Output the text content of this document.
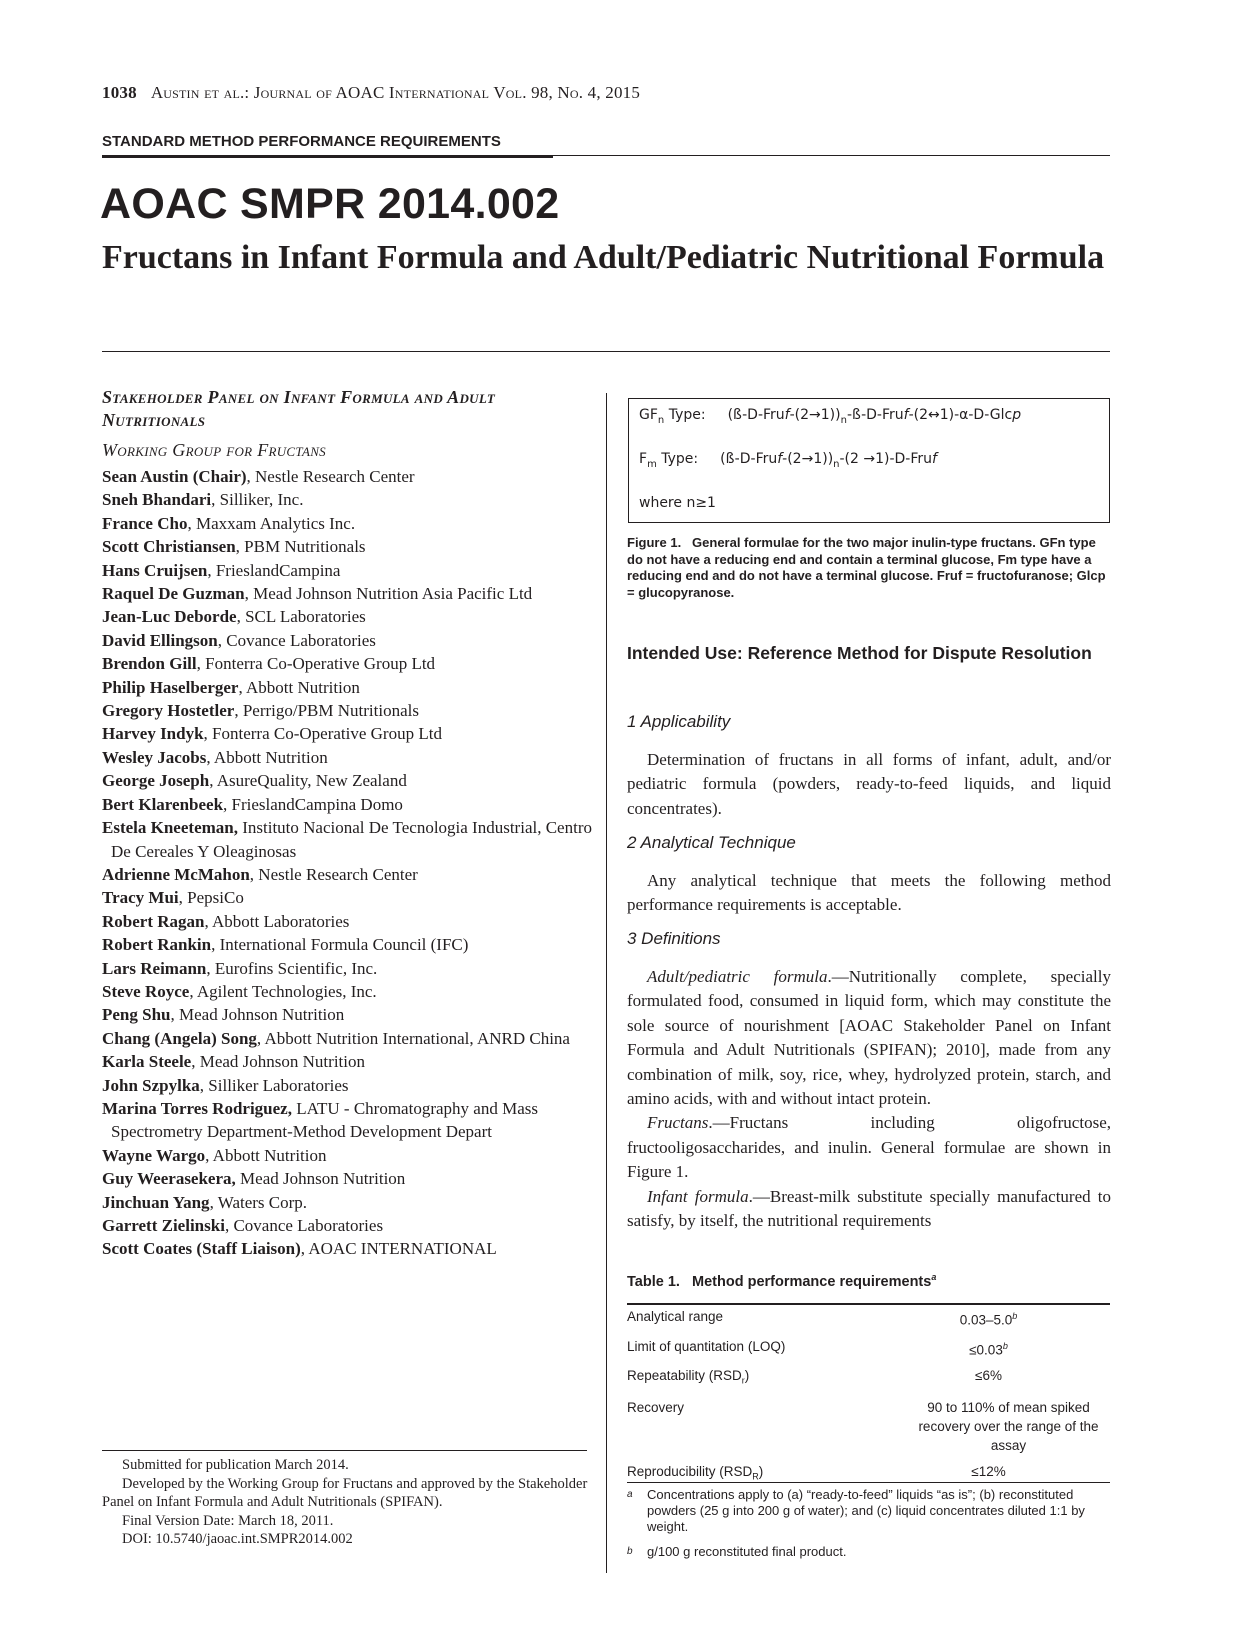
1038 Austin et al.: Journal of AOAC International Vol. 98, No. 4, 2015
STANDARD METHOD PERFORMANCE REQUIREMENTS
AOAC SMPR 2014.002
Fructans in Infant Formula and Adult/Pediatric Nutritional Formula
Stakeholder Panel on Infant Formula and Adult Nutritionals
Working Group for Fructans
Sean Austin (Chair), Nestle Research Center
Sneh Bhandari, Silliker, Inc.
France Cho, Maxxam Analytics Inc.
Scott Christiansen, PBM Nutritionals
Hans Cruijsen, FrieslandCampina
Raquel De Guzman, Mead Johnson Nutrition Asia Pacific Ltd
Jean-Luc Deborde, SCL Laboratories
David Ellingson, Covance Laboratories
Brendon Gill, Fonterra Co-Operative Group Ltd
Philip Haselberger, Abbott Nutrition
Gregory Hostetler, Perrigo/PBM Nutritionals
Harvey Indyk, Fonterra Co-Operative Group Ltd
Wesley Jacobs, Abbott Nutrition
George Joseph, AsureQuality, New Zealand
Bert Klarenbeek, FrieslandCampina Domo
Estela Kneeteman, Instituto Nacional De Tecnologia Industrial, Centro De Cereales Y Oleaginosas
Adrienne McMahon, Nestle Research Center
Tracy Mui, PepsiCo
Robert Ragan, Abbott Laboratories
Robert Rankin, International Formula Council (IFC)
Lars Reimann, Eurofins Scientific, Inc.
Steve Royce, Agilent Technologies, Inc.
Peng Shu, Mead Johnson Nutrition
Chang (Angela) Song, Abbott Nutrition International, ANRD China
Karla Steele, Mead Johnson Nutrition
John Szpylka, Silliker Laboratories
Marina Torres Rodriguez, LATU - Chromatography and Mass Spectrometry Department-Method Development Depart
Wayne Wargo, Abbott Nutrition
Guy Weerasekera, Mead Johnson Nutrition
Jinchuan Yang, Waters Corp.
Garrett Zielinski, Covance Laboratories
Scott Coates (Staff Liaison), AOAC INTERNATIONAL

Submitted for publication March 2014.

Developed by the Working Group for Fructans and approved by the Stakeholder Panel on Infant Formula and Adult Nutritionals (SPIFAN).

Final Version Date: March 18, 2011.

DOI: 10.5740/jaoac.int.SMPR2014.002

$GF_n$ Type: $(ß-D-Fruf-(2\to 1))_n-ß-D-Fruf-(2\leftrightarrow 1)-\alpha-D$-Glcp
$F_m$ Type: $(ß-D-Fruf-(2\to 1))_n-(2$ →1)-D-Fruf
where n≥1
Figure 1. General formulae for the two major inulin-type fructans. GFn type do not have a reducing end and contain a terminal glucose, Fm type have a reducing end and do not have a terminal glucose. Fruf = fructofuranose; Glcp = glucopyranose.
Intended Use: Reference Method for Dispute Resolution
1 Applicability

Determination of fructans in all forms of infant, adult, and/or pediatric formula (powders, ready-to-feed liquids, and liquid concentrates).

2 Analytical Technique

Any analytical technique that meets the following method performance requirements is acceptable.

3 Definitions

Adult/pediatric formula.—Nutritionally complete, specially formulated food, consumed in liquid form, which may constitute the sole source of nourishment [AOAC Stakeholder Panel on Infant Formula and Adult Nutritionals (SPIFAN); 2010], made from any combination of milk, soy, rice, whey, hydrolyzed protein, starch, and amino acids, with and without intact protein.

Fructans.—Fructans including oligofructose, fructooligosaccharides, and inulin. General formulae are shown in Figure 1.

Infant formula.—Breast-milk substitute specially manufactured to satisfy, by itself, the nutritional requirements

Table 1. Method performance requirements$^a$
Analytical range	0.03–5.0$^b$
Limit of quantitation (LOQ)	≤0.03$^b$
Repeatability $(RSD_r)$	≤6%
Recovery	90 to 110% of mean spiked recovery over the range of the assay
Reproducibility $(RSD_R)$	≤12%
a	Concentrations apply to (a) “ready-to-feed” liquids “as is”; (b) reconstituted powders (25 g into 200 g of water); and (c) liquid concentrates diluted 1:1 by weight.
b	g/100 g reconstituted final product.
